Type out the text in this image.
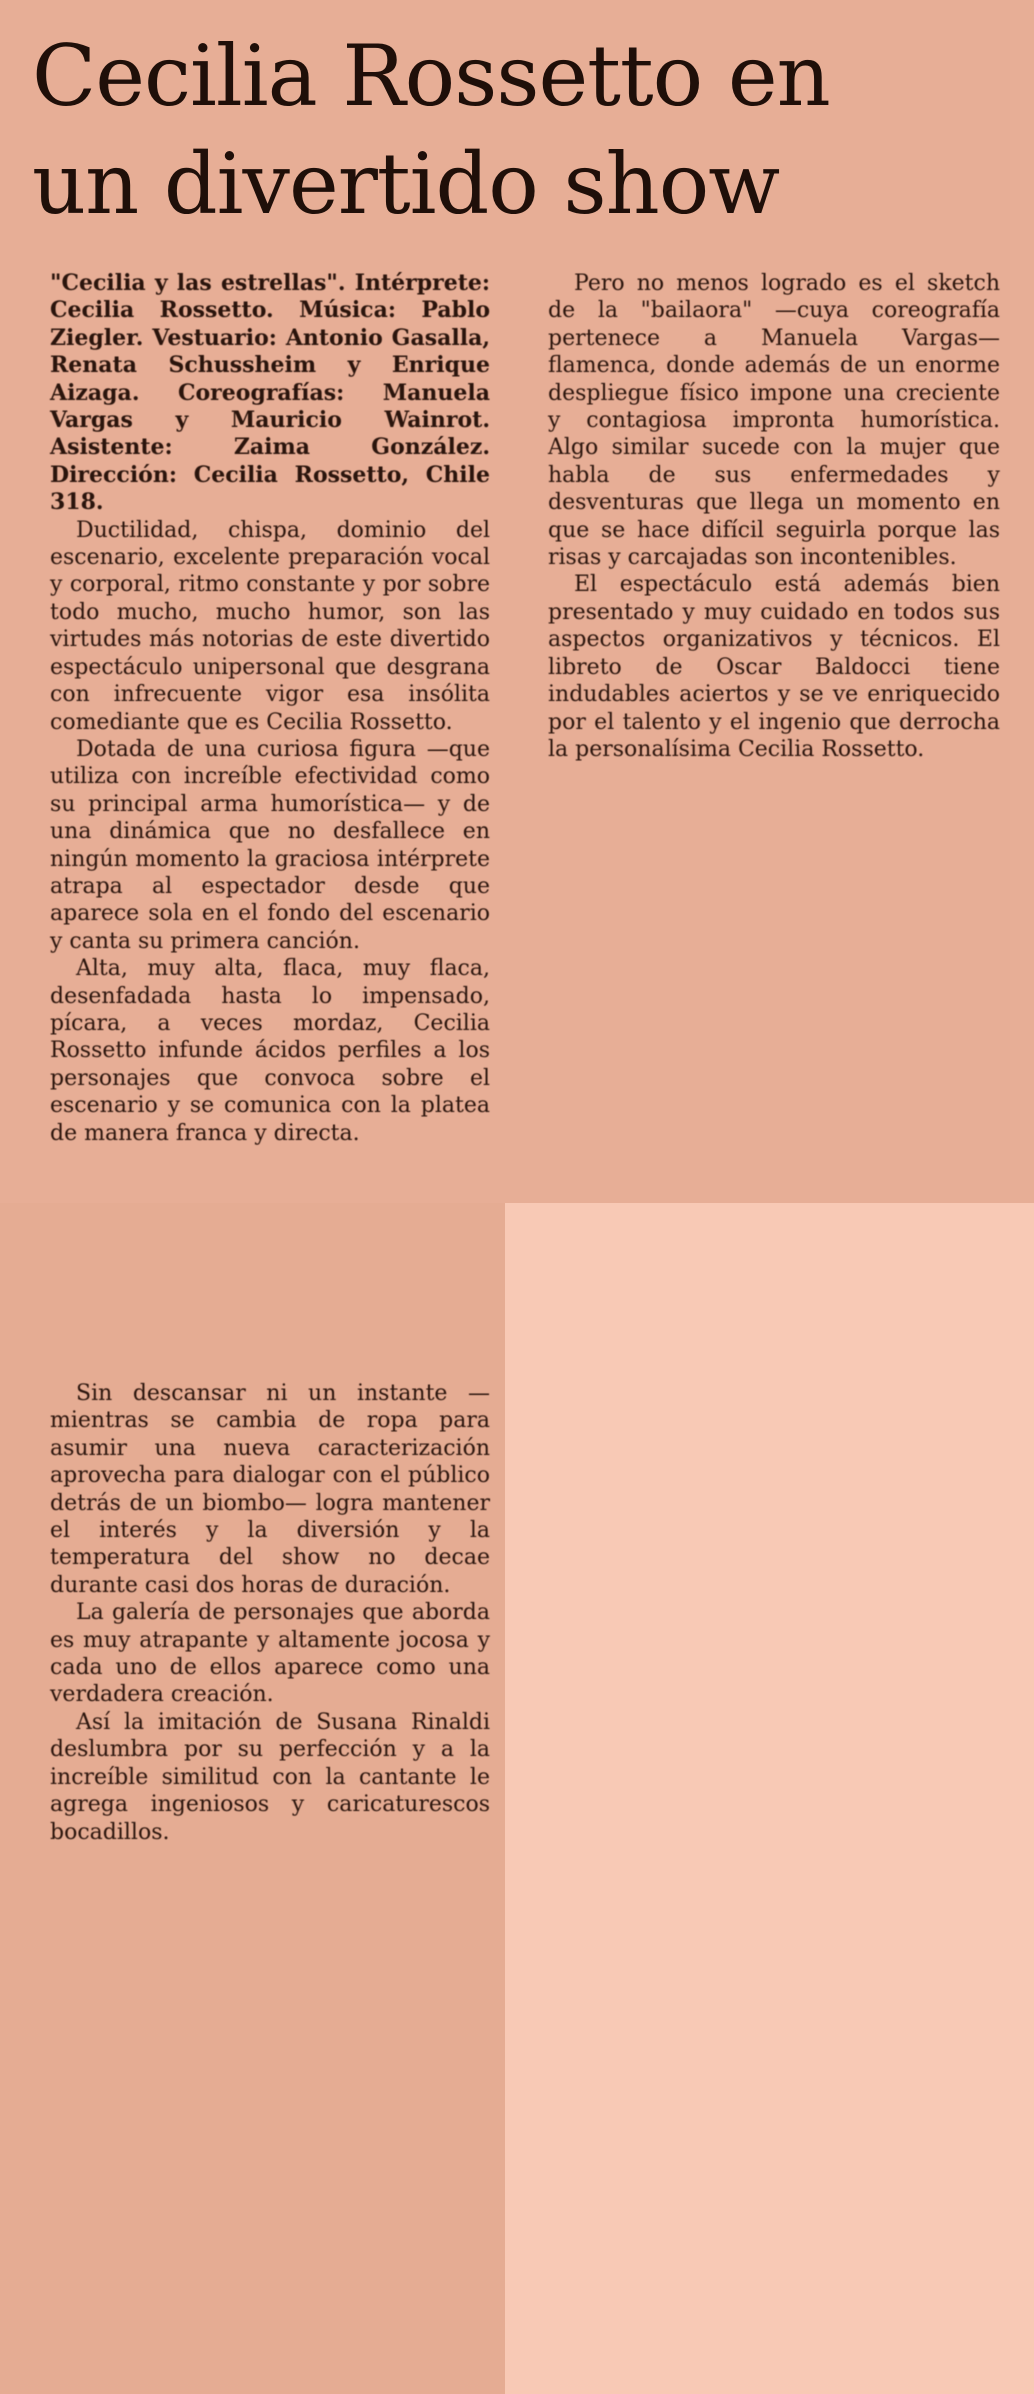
Cecilia Rossetto en
un divertido show

"Cecilia y las estrellas". Intérprete: Cecilia Rossetto. Música: Pablo Ziegler. Vestuario: Antonio Gasalla, Renata Schussheim y Enrique Aizaga. Coreografías: Manuela Vargas y Mauricio Wainrot. Asistente: Zaima González. Dirección: Cecilia Rossetto, Chile 318.

Ductilidad, chispa, dominio del escenario, excelente preparación vocal y corporal, ritmo constante y por sobre todo mucho, mucho humor, son las virtudes más notorias de este divertido espectáculo unipersonal que desgrana con infrecuente vigor esa insólita comediante que es Cecilia Rossetto.

Dotada de una curiosa figura —que utiliza con increíble efectividad como su principal arma humorística— y de una dinámica que no desfallece en ningún momento la graciosa intérprete atrapa al espectador desde que aparece sola en el fondo del escenario y canta su primera canción.

Alta, muy alta, flaca, muy flaca, desenfadada hasta lo impensado, pícara, a veces mordaz, Cecilia Rossetto infunde ácidos perfiles a los personajes que convoca sobre el escenario y se comunica con la platea de manera franca y directa.

Sin descansar ni un instante —mientras se cambia de ropa para asumir una nueva caracterización aprovecha para dialogar con el público detrás de un biombo— logra mantener el interés y la diversión y la temperatura del show no decae durante casi dos horas de duración.

La galería de personajes que aborda es muy atrapante y altamente jocosa y cada uno de ellos aparece como una verdadera creación.

Así la imitación de Susana Rinaldi deslumbra por su perfección y a la increíble similitud con la cantante le agrega ingeniosos y caricaturescos bocadillos.

Pero no menos logrado es el sketch de la "bailaora" —cuya coreografía pertenece a Manuela Vargas— flamenca, donde además de un enorme despliegue físico impone una creciente y contagiosa impronta humorística. Algo similar sucede con la mujer que habla de sus enfermedades y desventuras que llega un momento en que se hace difícil seguirla porque las risas y carcajadas son incontenibles.

El espectáculo está además bien presentado y muy cuidado en todos sus aspectos organizativos y técnicos. El libreto de Oscar Baldocci tiene indudables aciertos y se ve enriquecido por el talento y el ingenio que derrocha la personalísima Cecilia Rossetto.
